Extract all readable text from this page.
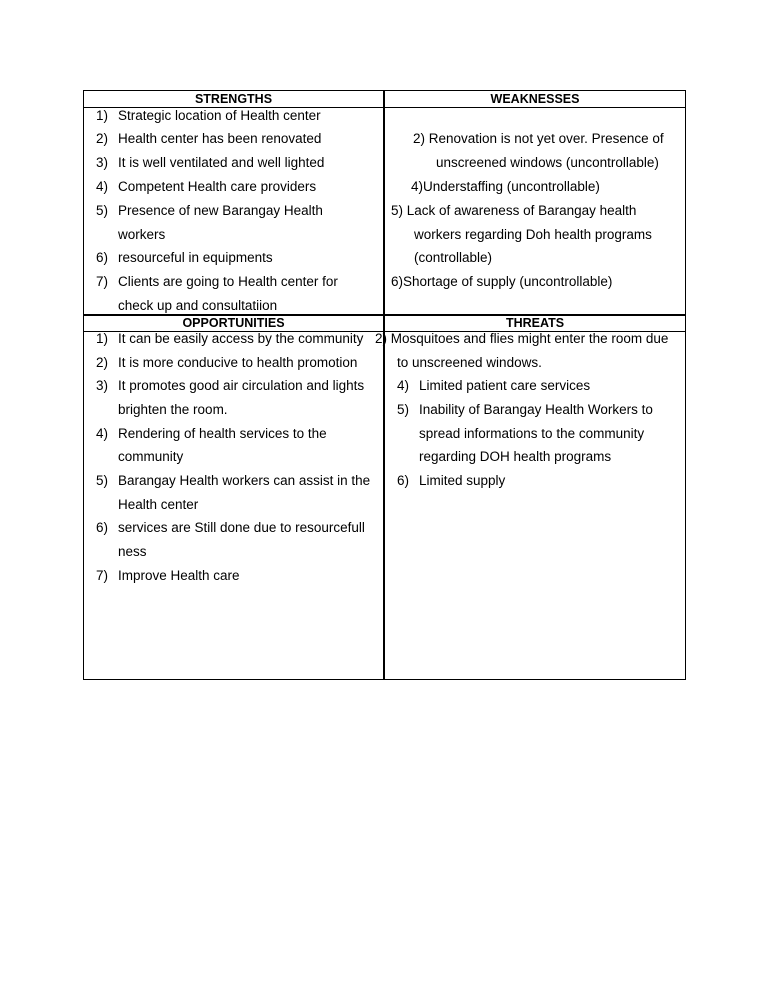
STRENGTHS	WEAKNESSES
OPPORTUNITIES	THREATS
1) Strategic location of Health center
2) Health center has been renovated
3) It is well ventilated and well lighted
4) Competent Health care providers
5) Presence of new Barangay Health
workers
6) resourceful in equipments
7) Clients are going to Health center for
check up and consultatiion
2) Renovation is not yet over. Presence of
unscreened windows (uncontrollable)
4)Understaffing (uncontrollable)
5) Lack of awareness of Barangay health
workers regarding Doh health programs
(controllable)
6)Shortage of supply (uncontrollable)
1) It can be easily access by the community
2) It is more conducive to health promotion
3) It promotes good air circulation and lights
brighten the room.
4) Rendering of health services to the
community
5) Barangay Health workers can assist in the
Health center
6) services are Still done due to resourcefull
ness
7) Improve Health care
2) Mosquitoes and flies might enter the room due
to unscreened windows.
4) Limited patient care services
5) Inability of Barangay Health Workers to
spread informations to the community
regarding DOH health programs
6) Limited supply
